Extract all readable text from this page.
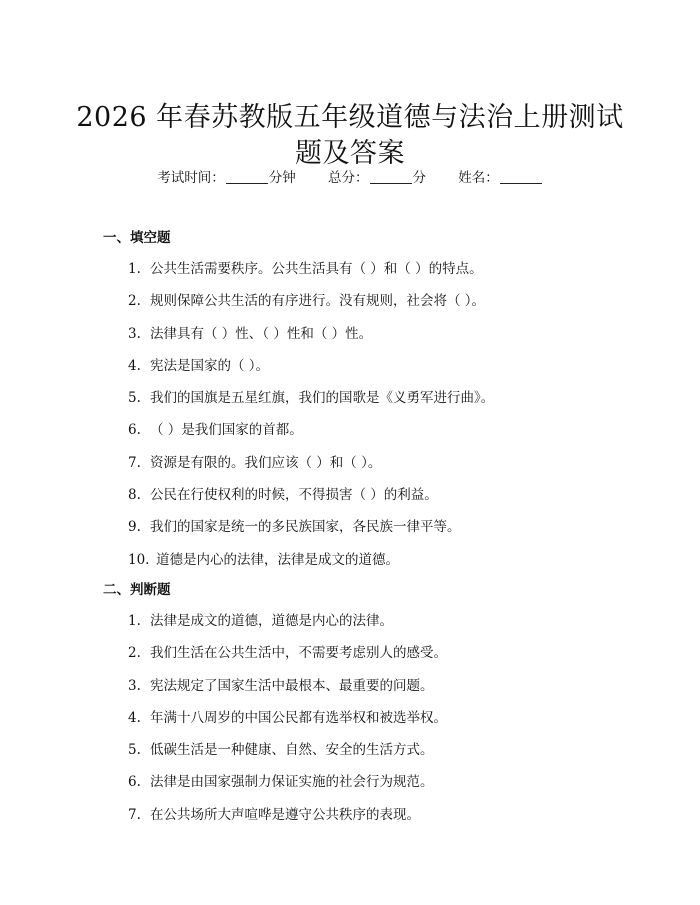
2026 年春苏教版五年级道德与法治上册测试
题及答案
考试时间：	分钟 总分：	分 姓名：
一、填空题
1. 公共生活需要秩序。公共生活具有（ ）和（ ）的特点。
2. 规则保障公共生活的有序进行。没有规则，社会将（ ）。
3. 法律具有（ ）性、（ ）性和（ ）性。
4. 宪法是国家的（ ）。
5. 我们的国旗是五星红旗，我们的国歌是《义勇军进行曲》。
6. （ ）是我们国家的首都。
7. 资源是有限的。我们应该（ ）和（ ）。
8. 公民在行使权利的时候，不得损害（ ）的利益。
9. 我们的国家是统一的多民族国家，各民族一律平等。
10. 道德是内心的法律，法律是成文的道德。
二、判断题
1. 法律是成文的道德，道德是内心的法律。
2. 我们生活在公共生活中，不需要考虑别人的感受。
3. 宪法规定了国家生活中最根本、最重要的问题。
4. 年满十八周岁的中国公民都有选举权和被选举权。
5. 低碳生活是一种健康、自然、安全的生活方式。
6. 法律是由国家强制力保证实施的社会行为规范。
7. 在公共场所大声喧哗是遵守公共秩序的表现。
